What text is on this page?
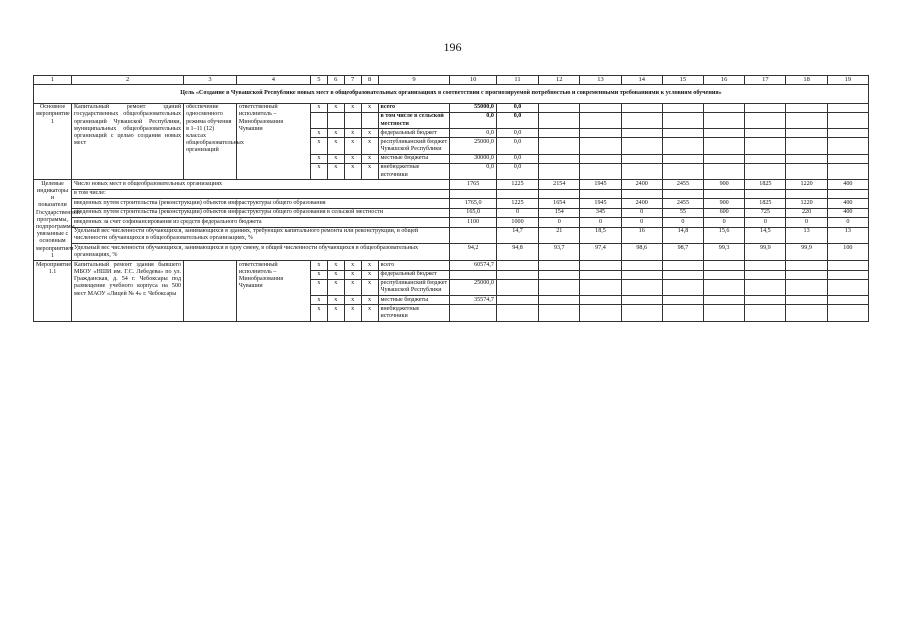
196
1	2	3	4	5	6	7	8	9	10	11	12	13	14	15	16	17	18	19
Цель «Создание в Чувашской Республике новых мест в общеобразовательных организациях в соответствии с прогнозируемой потребностью и современными требованиями к условиям обучения»																		
Основное мероприятие 1	Капитальный ремонт зданий государственных общеобразовательных организаций Чувашской Республики, муниципальных общеобразовательных организаций с целью создания новых мест	обеспечение односменного режима обучения в 1–11 (12) классах общеобразовательных организаций	ответственный исполнитель – Минобразования Чувашии	x	x	x	x	всего	55000,0	0,0								
								в том числе в сельской местности	0,0	0,0								
				x	x	x	x	федеральный бюджет	0,0	0,0								
				x	x	x	x	республиканский бюджет Чувашской Республики	25000,0	0,0								
				x	x	x	x	местные бюджеты	30000,0	0,0								
				x	x	x	x	внебюджетные источники	0,0	0,0								
Целевые индикаторы и показатели Государственной программы, подпрограммы, увязанные с основным мероприятием 1	Число новых мест в общеобразовательных организациях								1765	1225	2154	1945	2400	2455	900	1825	1220	400
	в том числе:																	
	введенных путем строительства (реконструкции) объектов инфраструктуры общего образования								1765,0	1225	1654	1945	2400	2455	900	1825	1220	400
	введенных путем строительства (реконструкции) объектов инфраструктуры общего образования в сельской местности								165,0	0	154	345	0	55	600	725	220	400
	введенных за счет софинансирования из средств федерального бюджета								1100	1000	0	0	0	0	0	0	0	0
	Удельный вес численности обучающихся, занимающихся в зданиях, требующих капитального ремонта или реконструкции, в общей численности обучающихся в общеобразовательных организациях, %									14,7	21	18,5	16	14,8	15,6	14,5	13	13
	Удельный вес численности обучающихся, занимающихся в одну смену, в общей численности обучающихся в общеобразовательных организациях, %								94,2	94,8	93,7	97,4	98,6	98,7	99,3	99,9	99,9	100
Мероприятие 1.1	Капитальный ремонт здания бывшего МБОУ «НШИ им. Г.С. Лебедева» по ул. Гражданская, д. 54 г. Чебоксары под размещение учебного корпуса на 500 мест МАОУ «Лицей № 4» г. Чебоксары		ответственный исполнитель – Минобразования Чувашии	x	x	x	x	всего	60574,7									
				x	x	x	x	федеральный бюджет										
				x	x	x	x	республиканский бюджет Чувашской Республики	25000,0									
				x	x	x	x	местные бюджеты	35574,7									
				x	x	x	x	внебюджетные источники										
